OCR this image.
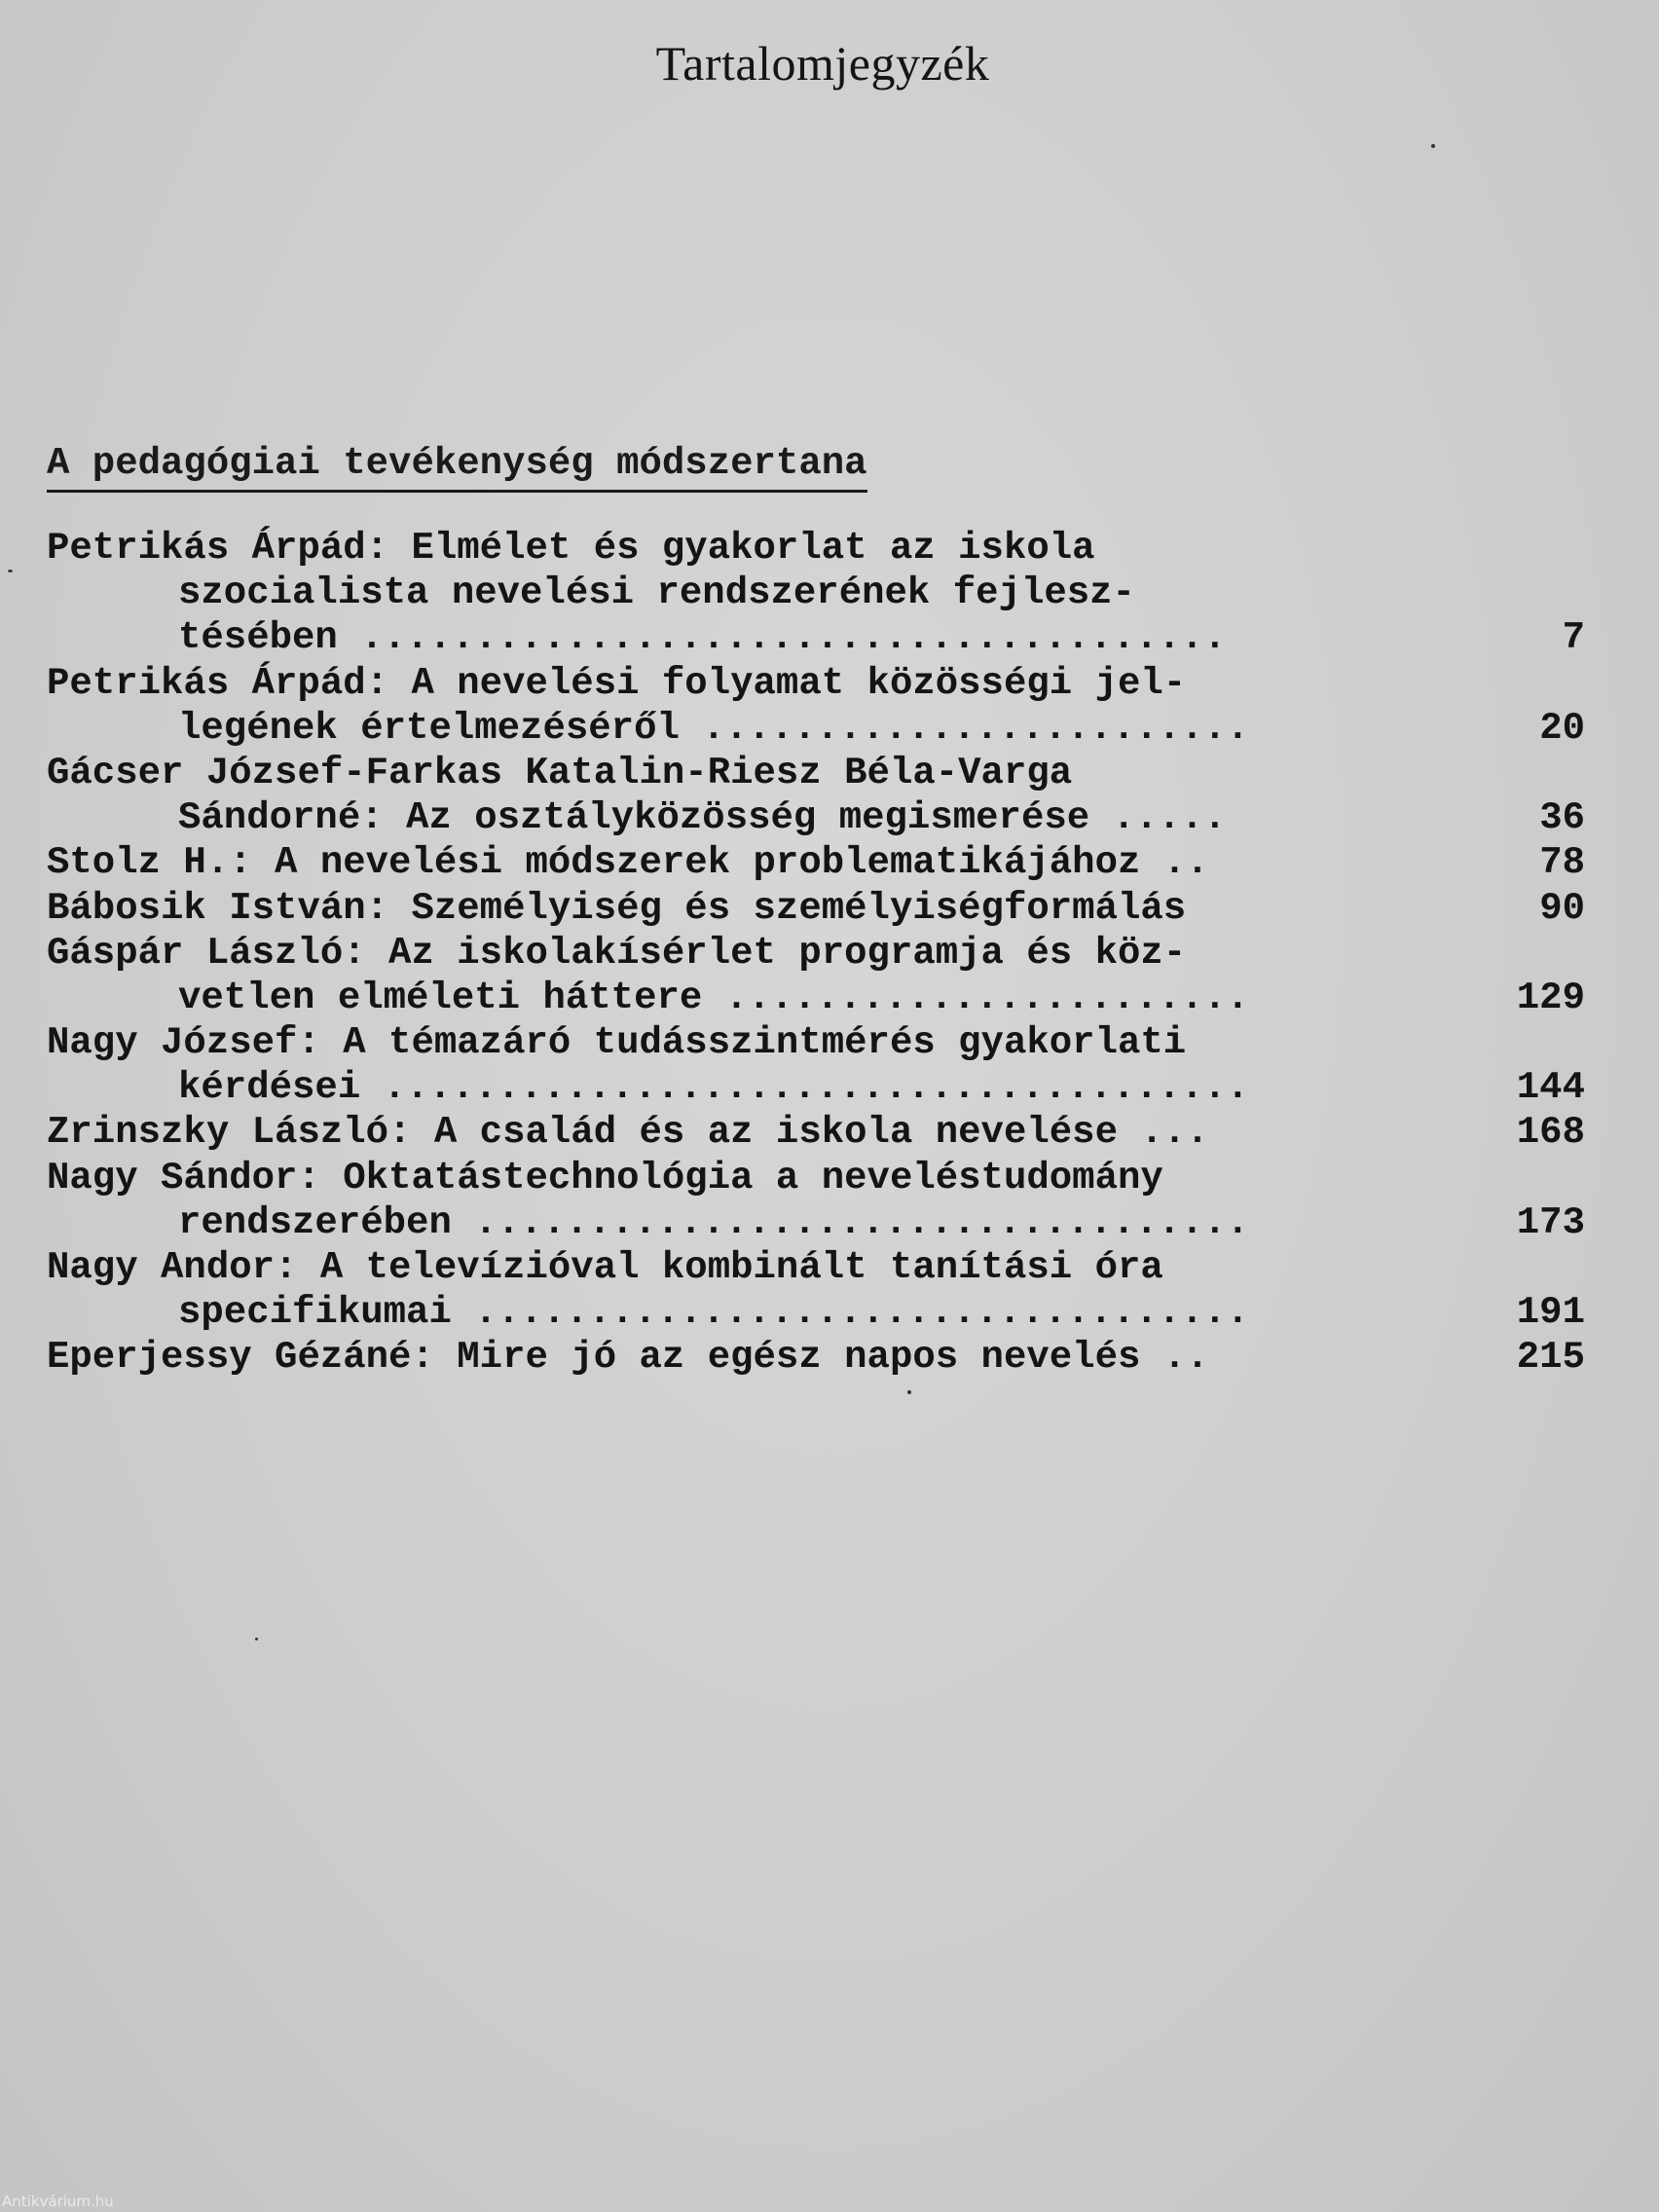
Tartalomjegyzék
A pedagógiai tevékenység módszertana
Petrikás Árpád: Elmélet és gyakorlat az iskola
szocialista nevelési rendszerének fejlesz-
tésében ......................................	7
Petrikás Árpád: A nevelési folyamat közösségi jel-
legének értelmezéséről ........................	20
Gácser József-Farkas Katalin-Riesz Béla-Varga
Sándorné: Az osztályközösség megismerése .....	36
Stolz H.: A nevelési módszerek problematikájához ..	78
Bábosik István: Személyiség és személyiségformálás	90
Gáspár László: Az iskolakísérlet programja és köz-
vetlen elméleti háttere .......................	129
Nagy József: A témazáró tudásszintmérés gyakorlati
kérdései ......................................	144
Zrinszky László: A család és az iskola nevelése ...	168
Nagy Sándor: Oktatástechnológia a neveléstudomány
rendszerében ..................................	173
Nagy Andor: A televízióval kombinált tanítási óra
specifikumai ..................................	191
Eperjessy Gézáné: Mire jó az egész napos nevelés ..	215
Antikvárium.hu
